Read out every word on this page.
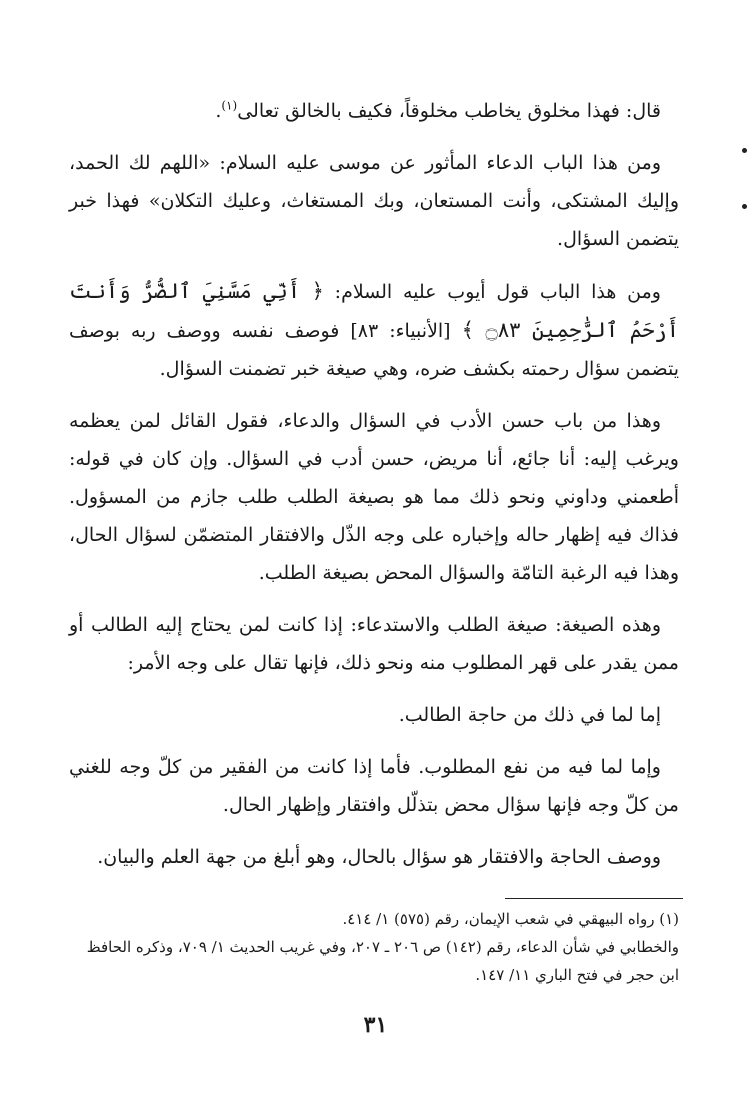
قال: فهذا مخلوق يخاطب مخلوقاً، فكيف بالخالق تعالى$^{(١)}$.

ومن هذا الباب الدعاء المأثور عن موسى عليه السلام: «اللهم لك الحمد، وإليك المشتكى، وأنت المستعان، وبك المستغاث، وعليك التكلان» فهذا خبر يتضمن السؤال.

ومن هذا الباب قول أيوب عليه السلام: ﴿ أَنِّي مَسَّنِيَ ٱلضُّرُّ وَأَنتَ أَرْحَمُ ٱلرَّٰحِمِينَ ۝٨٣ ﴾ [الأنبياء: ٨٣] فوصف نفسه ووصف ربه بوصف يتضمن سؤال رحمته بكشف ضره، وهي صيغة خبر تضمنت السؤال.

وهذا من باب حسن الأدب في السؤال والدعاء، فقول القائل لمن يعظمه ويرغب إليه: أنا جائع، أنا مريض، حسن أدب في السؤال. وإن كان في قوله: أطعمني وداوني ونحو ذلك مما هو بصيغة الطلب طلب جازم من المسؤول. فذاك فيه إظهار حاله وإخباره على وجه الذّل والافتقار المتضمّن لسؤال الحال، وهذا فيه الرغبة التامّة والسؤال المحض بصيغة الطلب.

وهذه الصيغة: صيغة الطلب والاستدعاء: إذا كانت لمن يحتاج إليه الطالب أو ممن يقدر على قهر المطلوب منه ونحو ذلك، فإنها تقال على وجه الأمر:

إما لما في ذلك من حاجة الطالب.

وإما لما فيه من نفع المطلوب. فأما إذا كانت من الفقير من كلّ وجه للغني من كلّ وجه فإنها سؤال محض بتذلّل وافتقار وإظهار الحال.

ووصف الحاجة والافتقار هو سؤال بالحال، وهو أبلغ من جهة العلم والبيان.

(١) رواه البيهقي في شعب الإيمان، رقم (٥٧٥) ١/ ٤١٤.

والخطابي في شأن الدعاء، رقم (١٤٢) ص ٢٠٦ ـ ٢٠٧، وفي غريب الحديث ١/ ٧٠٩، وذكره الحافظ ابن حجر في فتح الباري ١١/ ١٤٧.

٣١
